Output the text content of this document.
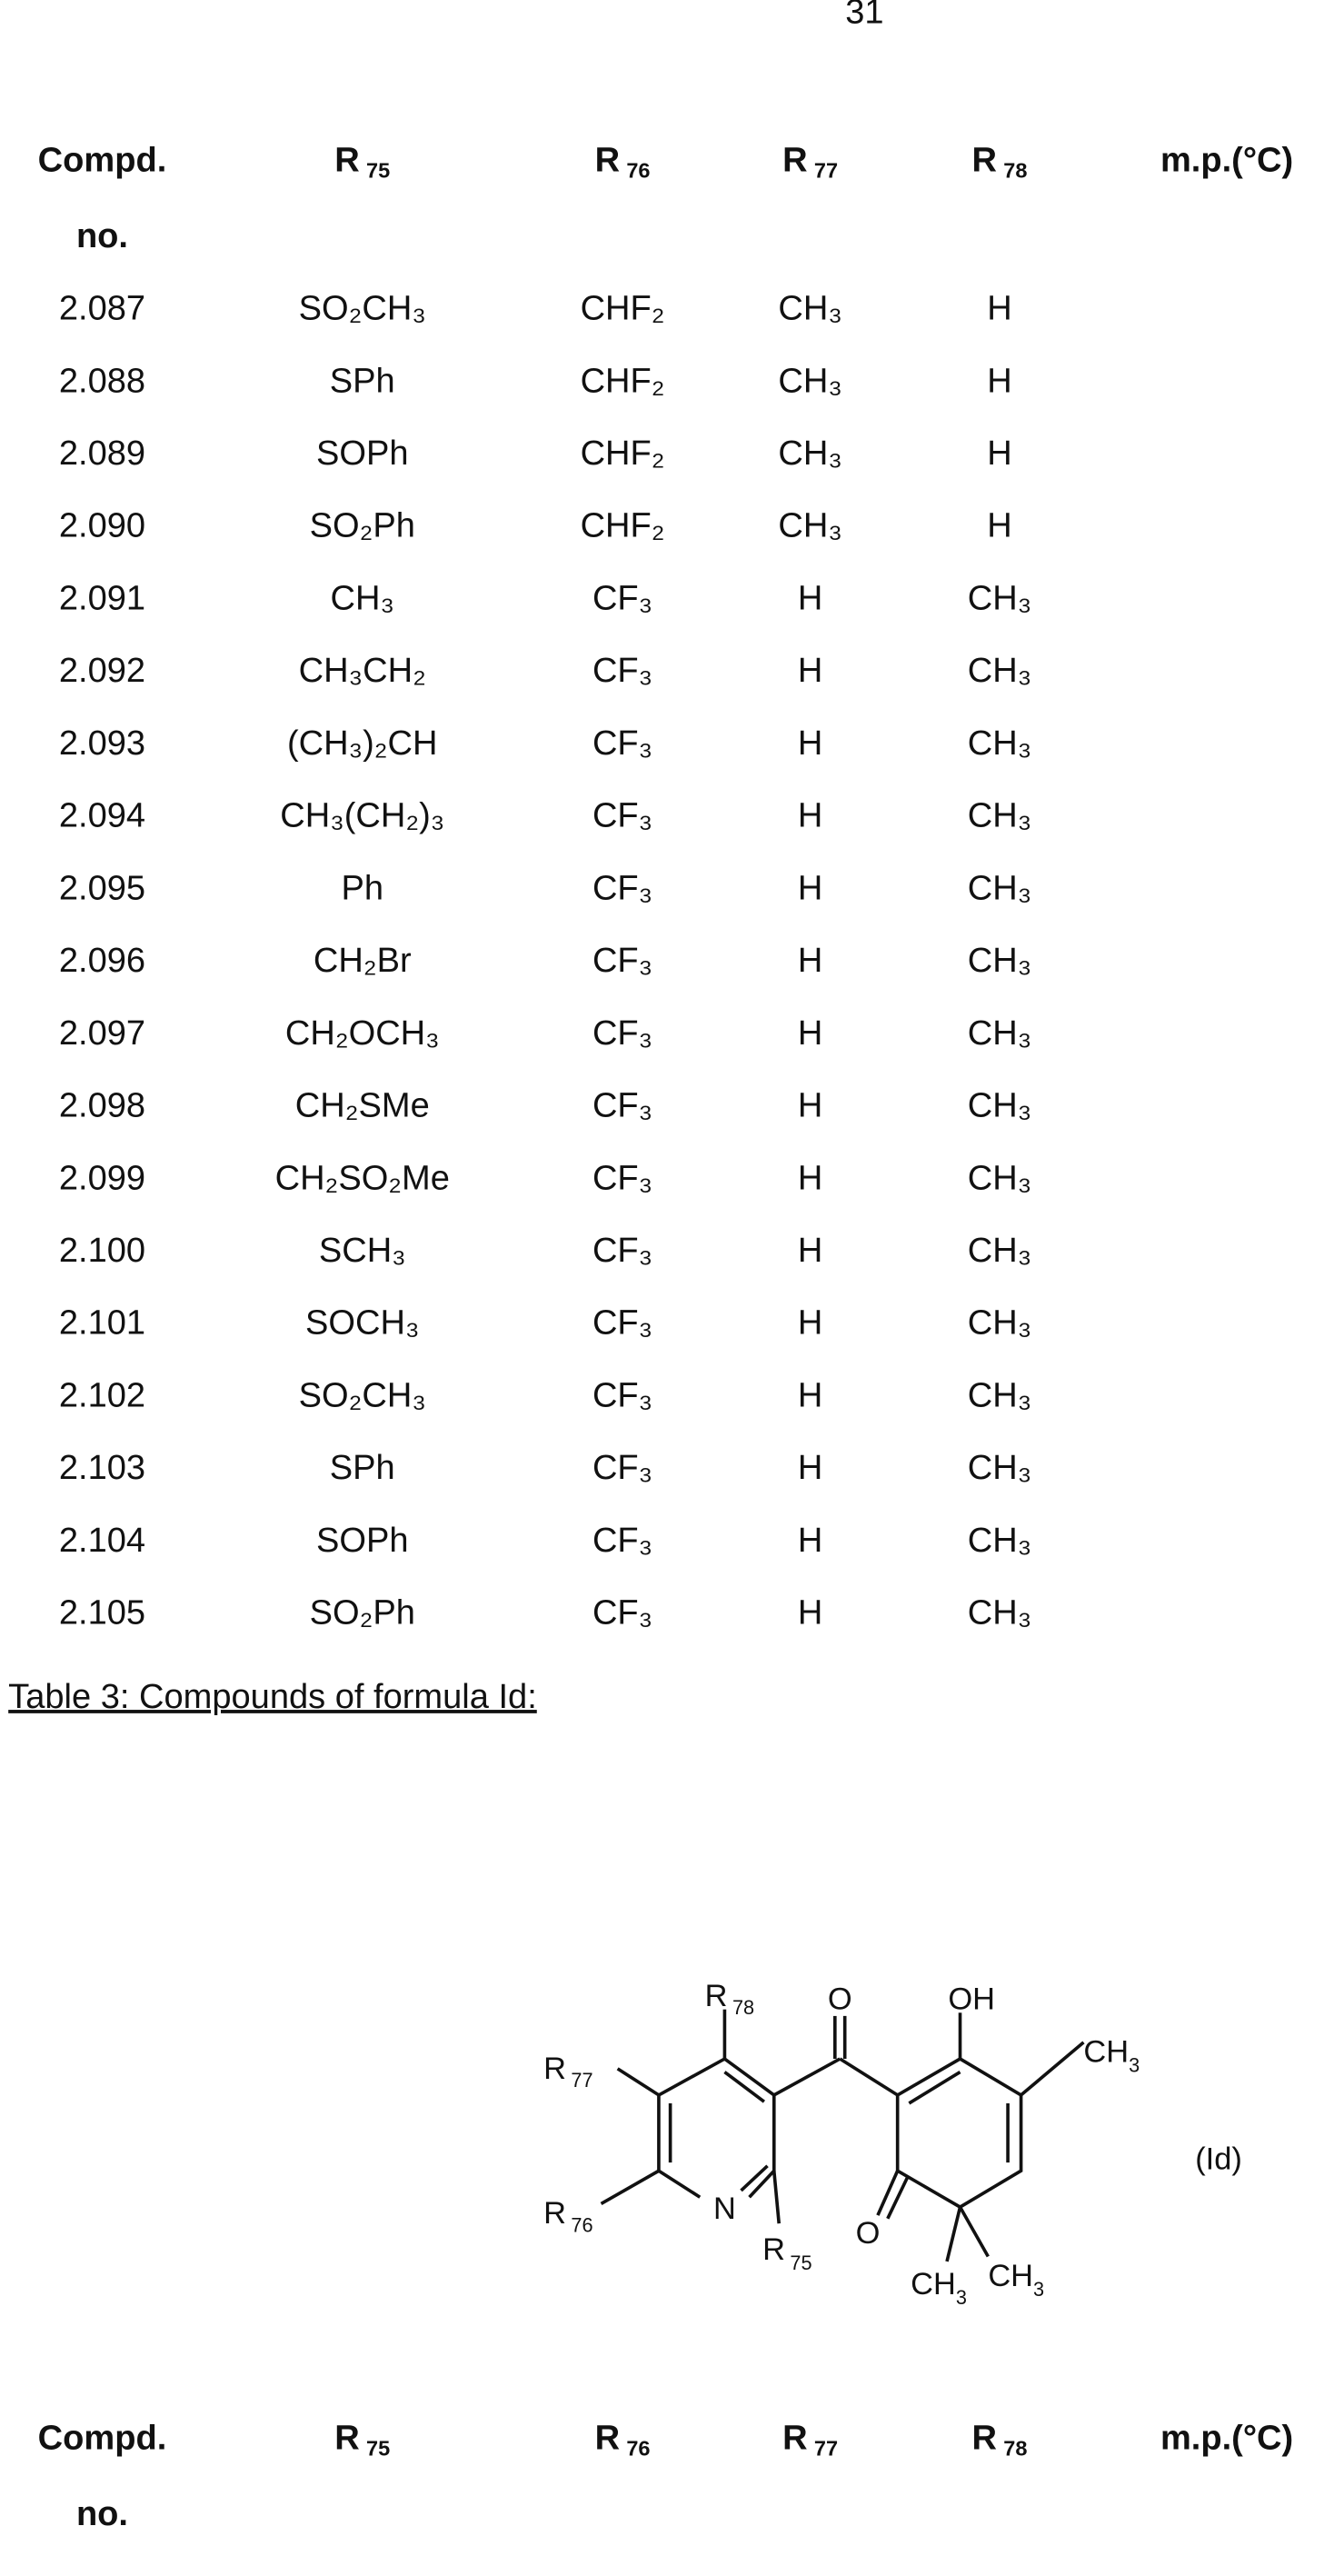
31
Compd.
no.
R 75	R 76	R 77	R 78	m.p.(°C)
2.087	SO₂CH₃	CHF₂	CH₃	H
2.088	SPh	CHF₂	CH₃	H
2.089	SOPh	CHF₂	CH₃	H
2.090	SO₂Ph	CHF₂	CH₃	H
2.091	CH₃	CF₃	H	CH₃
2.092	CH₃CH₂	CF₃	H	CH₃
2.093	(CH₃)₂CH	CF₃	H	CH₃
2.094	CH₃(CH₂)₃	CF₃	H	CH₃
2.095	Ph	CF₃	H	CH₃
2.096	CH₂Br	CF₃	H	CH₃
2.097	CH₂OCH₃	CF₃	H	CH₃
2.098	CH₂SMe	CF₃	H	CH₃
2.099	CH₂SO₂Me	CF₃	H	CH₃
2.100	SCH₃	CF₃	H	CH₃
2.101	SOCH₃	CF₃	H	CH₃
2.102	SO₂CH₃	CF₃	H	CH₃
2.103	SPh	CF₃	H	CH₃
2.104	SOPh	CF₃	H	CH₃
2.105	SO₂Ph	CF₃	H	CH₃
Table 3: Compounds of formula Id:
R 78
R 77
R 76
R 75
N
O	OH
O
CH3
CH3
CH3
(Id)
Compd.
no.
R 75	R 76	R 77	R 78	m.p.(°C)
